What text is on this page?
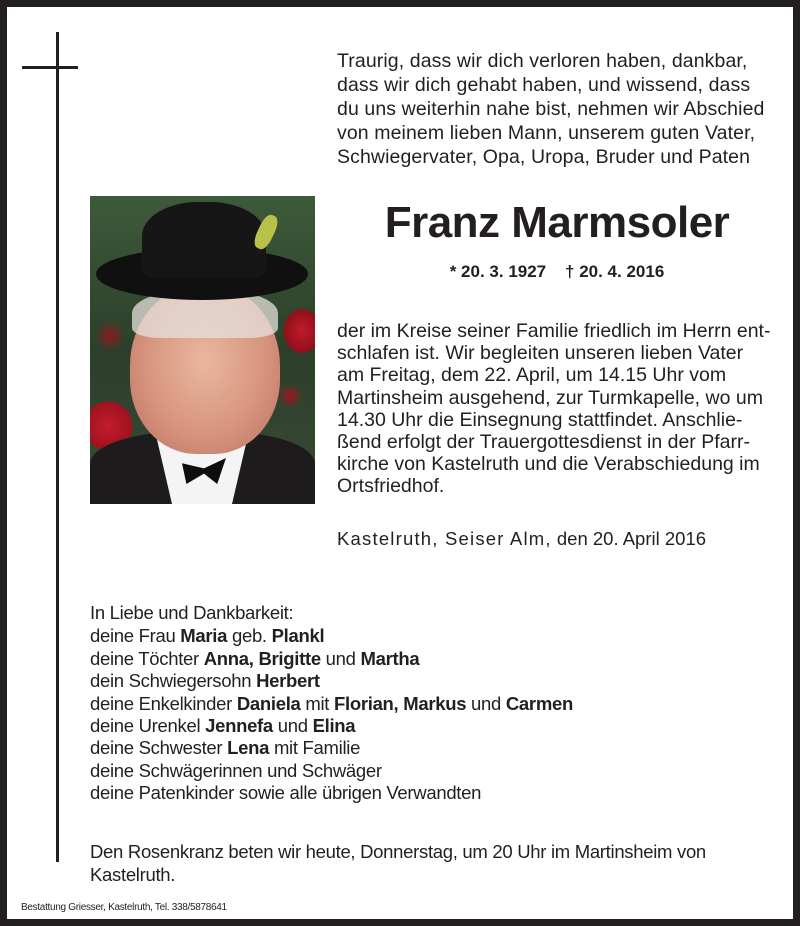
Traurig, dass wir dich verloren haben, dankbar,
dass wir dich gehabt haben, und wissend, dass
du uns weiterhin nahe bist, nehmen wir Abschied
von meinem lieben Mann, unserem guten Vater,
Schwiegervater, Opa, Uropa, Bruder und Paten
Franz Marmsoler
* 20. 3. 1927    † 20. 4. 2016
der im Kreise seiner Familie friedlich im Herrn ent-
schlafen ist. Wir begleiten unseren lieben Vater
am Freitag, dem 22. April, um 14.15 Uhr vom
Martinsheim ausgehend, zur Turmkapelle, wo um
14.30 Uhr die Einsegnung stattfindet. Anschlie-
ßend erfolgt der Trauergottesdienst in der Pfarr-
kirche von Kastelruth und die Verabschiedung im
Ortsfriedhof.
Kastelruth, Seiser Alm, den 20. April 2016
In Liebe und Dankbarkeit:
deine Frau Maria geb. Plankl
deine Töchter Anna, Brigitte und Martha
dein Schwiegersohn Herbert
deine Enkelkinder Daniela mit Florian, Markus und Carmen
deine Urenkel Jennefa und Elina
deine Schwester Lena mit Familie
deine Schwägerinnen und Schwäger
deine Patenkinder sowie alle übrigen Verwandten
Den Rosenkranz beten wir heute, Donnerstag, um 20 Uhr im Martinsheim von
Kastelruth.
Bestattung Griesser, Kastelruth, Tel. 338/5878641
